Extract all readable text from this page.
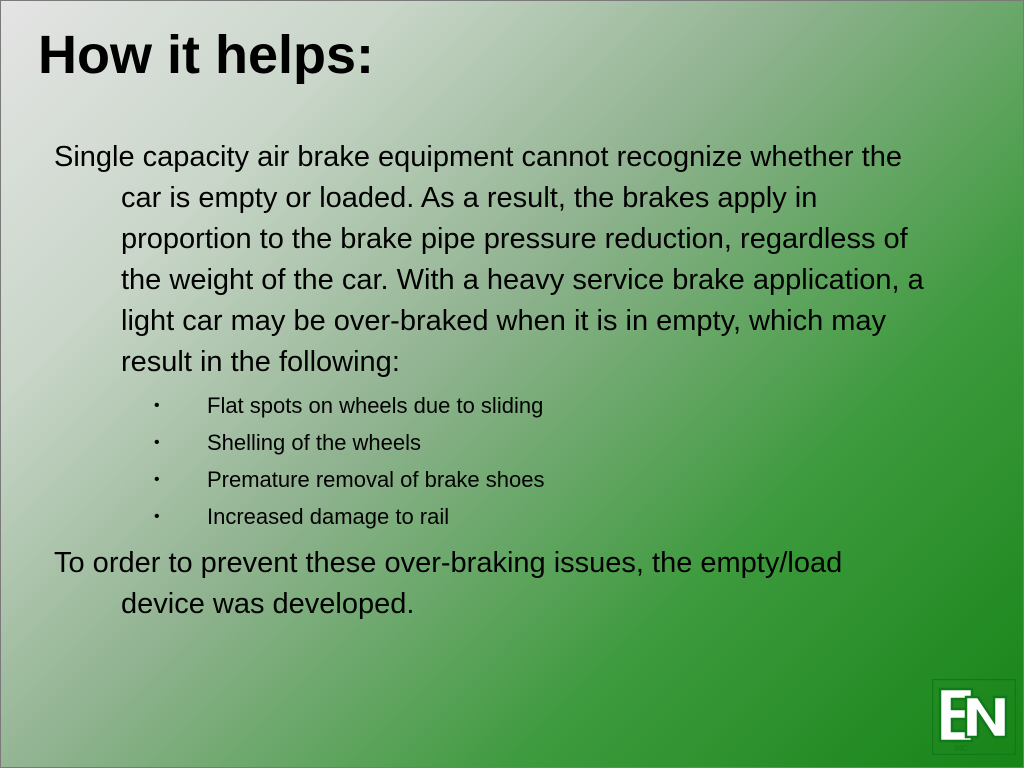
How it helps:

Single capacity air brake equipment cannot recognize whether the car is empty or loaded. As a result, the brakes apply in proportion to the brake pipe pressure reduction, regardless of the weight of the car. With a heavy service brake application, a light car may be over-braked when it is in empty, which may result in the following:

• Flat spots on wheels due to sliding
• Shelling of the wheels
• Premature removal of brake shoes
• Increased damage to rail

To order to prevent these over-braking issues, the empty/load device was developed.

INC.
